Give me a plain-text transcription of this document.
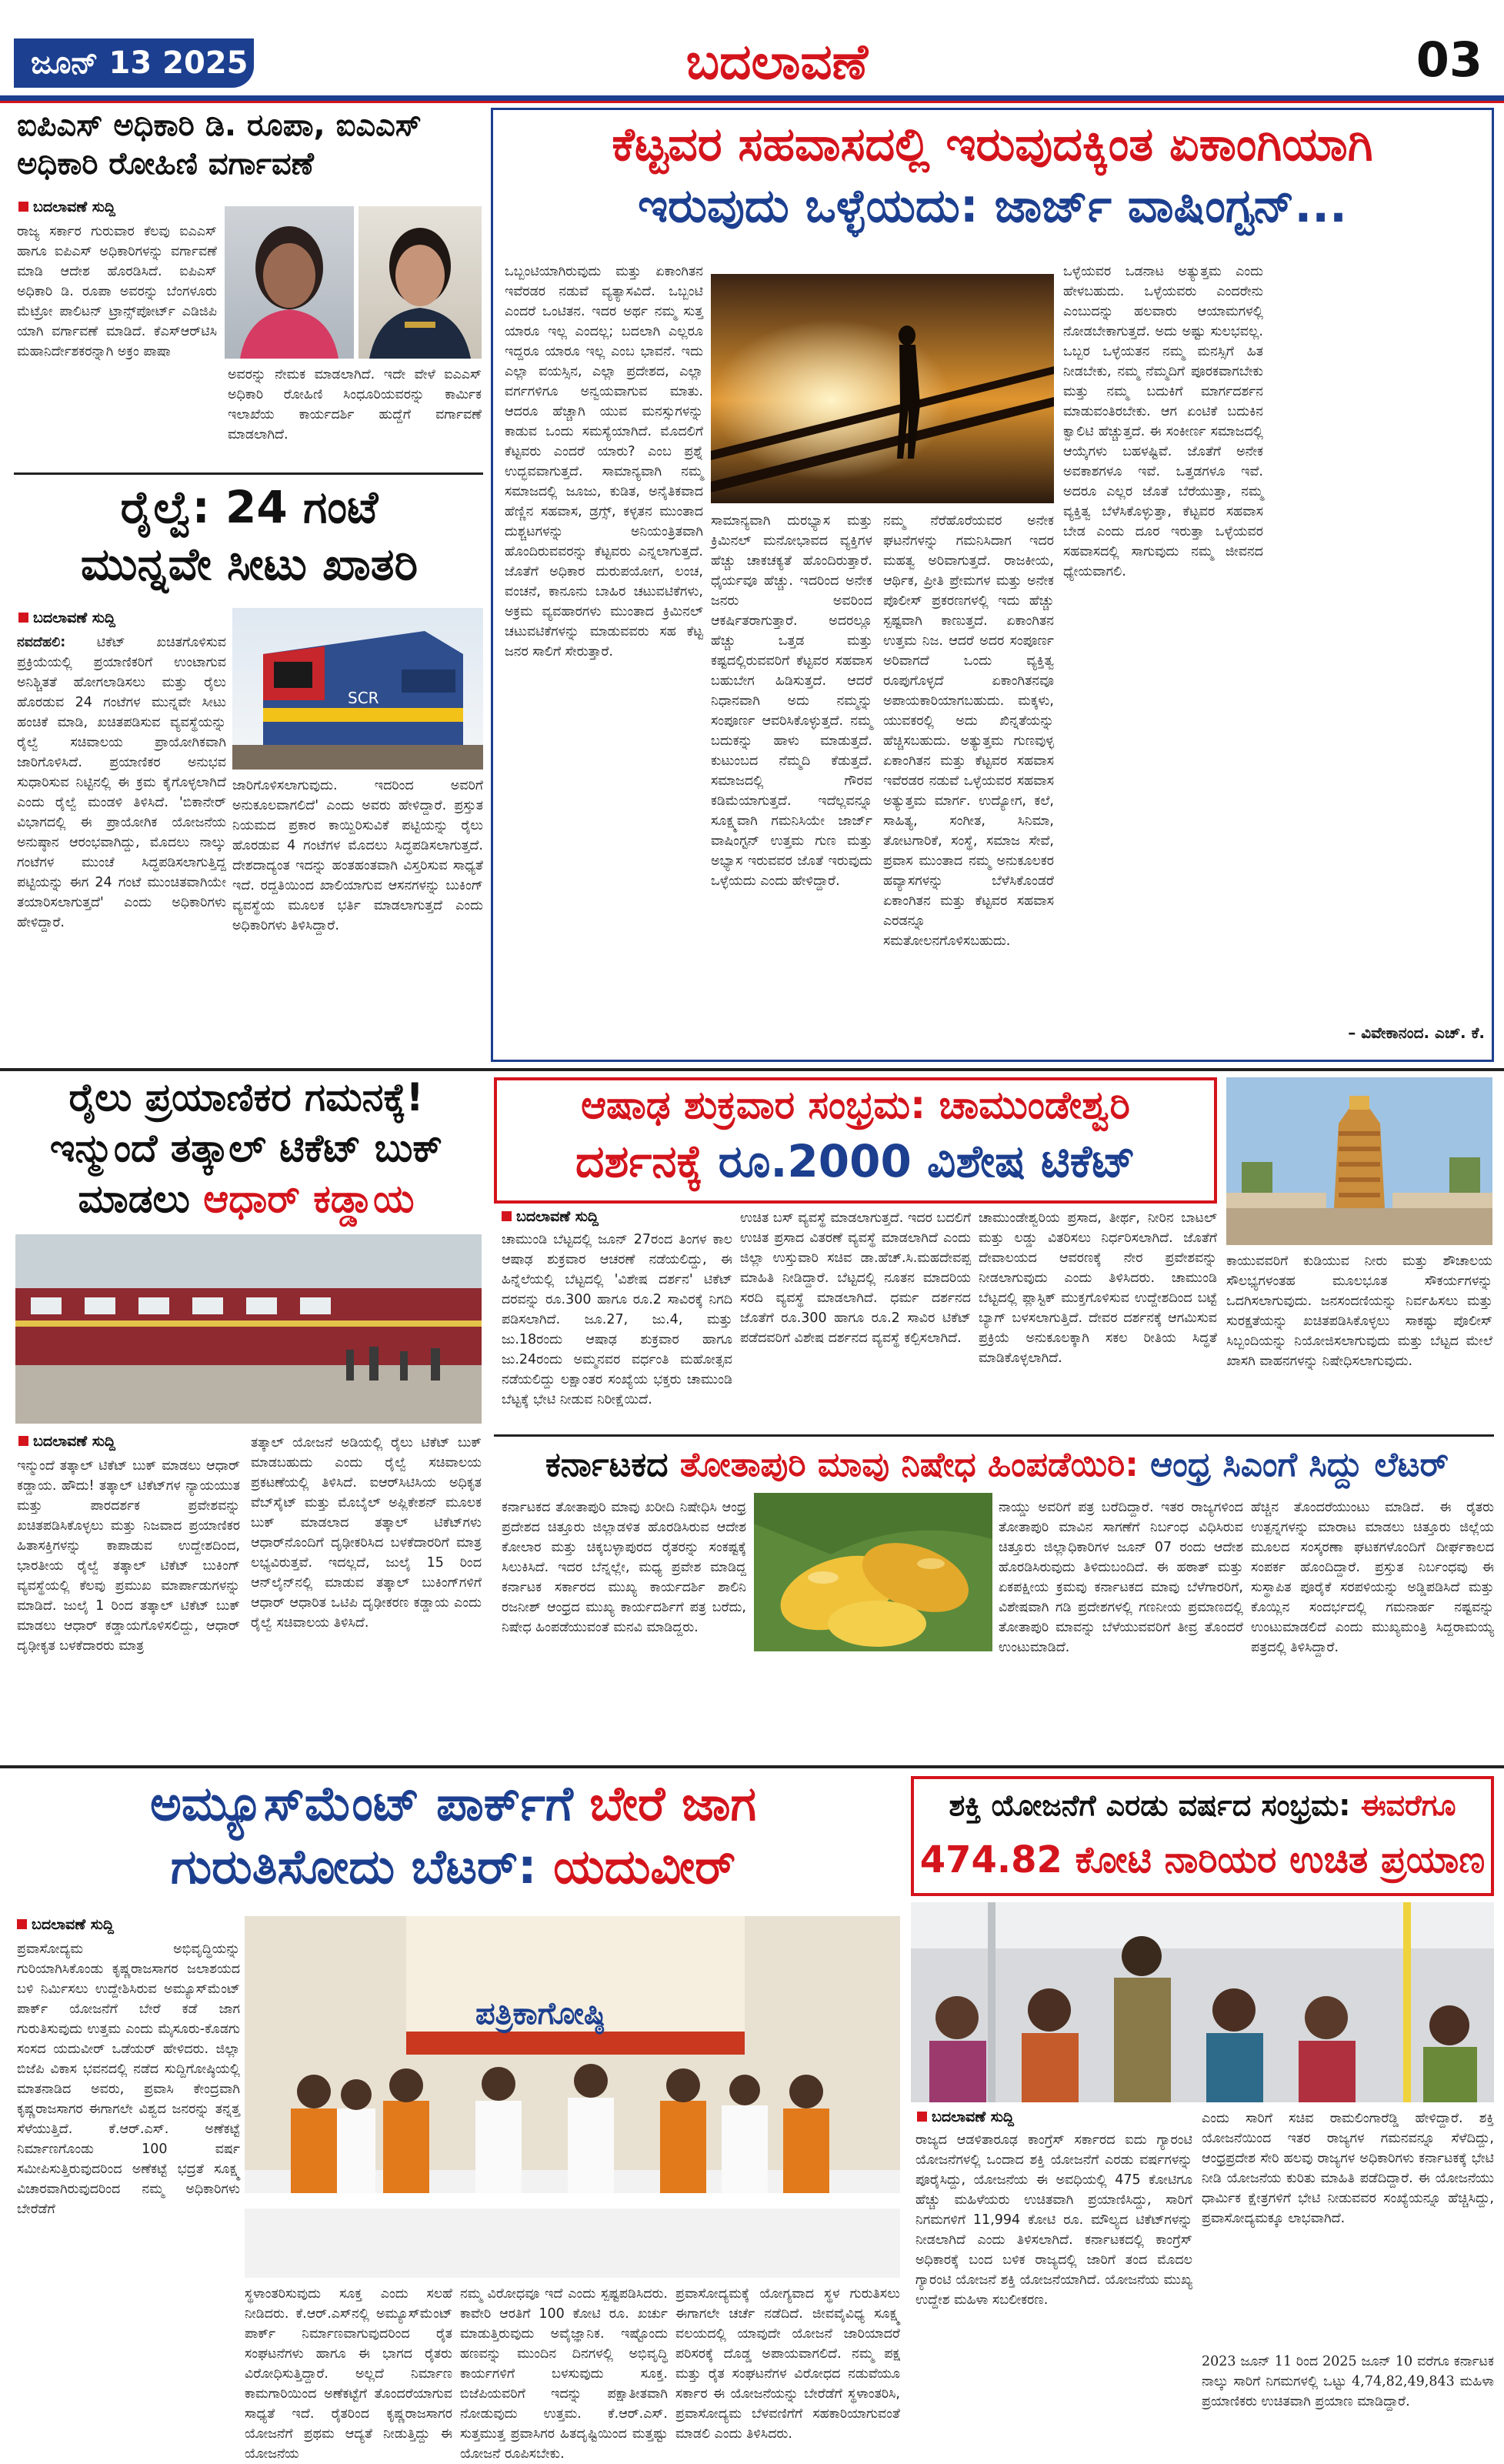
ಜೂನ್ 13 2025	ಬದಲಾವಣೆ	03
ಐಪಿಎಸ್ ಅಧಿಕಾರಿ ಡಿ. ರೂಪಾ, ಐಎಎಸ್
ಅಧಿಕಾರಿ ರೋಹಿಣಿ ವರ್ಗಾವಣೆ
ಬದಲಾವಣೆ ಸುದ್ದಿ
ರಾಜ್ಯ ಸರ್ಕಾರ ಗುರುವಾರ ಕೆಲವು ಐಎಎಸ್ ಹಾಗೂ ಐಪಿಎಸ್ ಅಧಿಕಾರಿಗಳನ್ನು ವರ್ಗಾವಣೆ ಮಾಡಿ ಆದೇಶ ಹೊರಡಿಸಿದೆ. ಐಪಿಎಸ್ ಅಧಿಕಾರಿ ಡಿ. ರೂಪಾ ಅವರನ್ನು ಬೆಂಗಳೂರು ಮೆಟ್ರೋ ಪಾಲಿಟನ್ ಟ್ರಾನ್ಸ್‌ಪೋರ್ಟ್ ಎಡಿಜಿಪಿ ಯಾಗಿ ವರ್ಗಾವಣೆ ಮಾಡಿದೆ. ಕೆಎಸ್‌ಆರ್‌ಟಿಸಿ ಮಹಾನಿರ್ದೇಶಕರನ್ನಾಗಿ ಅಕ್ರಂ ಪಾಷಾ
ಅವರನ್ನು ನೇಮಕ ಮಾಡಲಾಗಿದೆ. ಇದೇ ವೇಳೆ ಐಎಎಸ್ ಅಧಿಕಾರಿ ರೋಹಿಣಿ ಸಿಂಧೂರಿಯವರನ್ನು ಕಾರ್ಮಿಕ ಇಲಾಖೆಯ ಕಾರ್ಯದರ್ಶಿ ಹುದ್ದೆಗೆ ವರ್ಗಾವಣೆ ಮಾಡಲಾಗಿದೆ.
ರೈಲ್ವೆ: 24 ಗಂಟೆ
ಮುನ್ನವೇ ಸೀಟು ಖಾತರಿ
ಬದಲಾವಣೆ ಸುದ್ದಿ
ನವದೆಹಲಿ: ಟಿಕೆಟ್ ಖಚಿತಗೊಳಿಸುವ ಪ್ರಕ್ರಿಯೆಯಲ್ಲಿ ಪ್ರಯಾಣಿಕರಿಗೆ ಉಂಟಾಗುವ ಅನಿಶ್ಚಿತತೆ ಹೋಗಲಾಡಿಸಲು ಮತ್ತು ರೈಲು ಹೊರಡುವ 24 ಗಂಟೆಗಳ ಮುನ್ನವೇ ಸೀಟು ಹಂಚಿಕೆ ಮಾಡಿ, ಖಚಿತಪಡಿಸುವ ವ್ಯವಸ್ಥೆಯನ್ನು ರೈಲ್ವೆ ಸಚಿವಾಲಯ ಪ್ರಾಯೋಗಿಕವಾಗಿ ಜಾರಿಗೊಳಿಸಿದೆ. ಪ್ರಯಾಣಿಕರ ಅನುಭವ ಸುಧಾರಿಸುವ ನಿಟ್ಟಿನಲ್ಲಿ ಈ ಕ್ರಮ ಕೈಗೊಳ್ಳಲಾಗಿದೆ ಎಂದು ರೈಲ್ವೆ ಮಂಡಳಿ ತಿಳಿಸಿದೆ. 'ಬಿಕಾನೇರ್ ವಿಭಾಗದಲ್ಲಿ ಈ ಪ್ರಾಯೋಗಿಕ ಯೋಜನೆಯ ಅನುಷ್ಠಾನ ಆರಂಭವಾಗಿದ್ದು, ಮೊದಲು ನಾಲ್ಕು ಗಂಟೆಗಳ ಮುಂಚೆ ಸಿದ್ಧಪಡಿಸಲಾಗುತ್ತಿದ್ದ ಪಟ್ಟಿಯನ್ನು ಈಗ 24 ಗಂಟೆ ಮುಂಚಿತವಾಗಿಯೇ ತಯಾರಿಸಲಾಗುತ್ತದೆ' ಎಂದು ಅಧಿಕಾರಿಗಳು ಹೇಳಿದ್ದಾರೆ.
SCR
ಜಾರಿಗೊಳಿಸಲಾಗುವುದು. ಇದರಿಂದ ಅವರಿಗೆ ಅನುಕೂಲವಾಗಲಿದೆ' ಎಂದು ಅವರು ಹೇಳಿದ್ದಾರೆ. ಪ್ರಸ್ತುತ ನಿಯಮದ ಪ್ರಕಾರ ಕಾಯ್ದಿರಿಸುವಿಕೆ ಪಟ್ಟಿಯನ್ನು ರೈಲು ಹೊರಡುವ 4 ಗಂಟೆಗಳ ಮೊದಲು ಸಿದ್ಧಪಡಿಸಲಾಗುತ್ತದೆ. ದೇಶದಾದ್ಯಂತ ಇದನ್ನು ಹಂತಹಂತವಾಗಿ ವಿಸ್ತರಿಸುವ ಸಾಧ್ಯತೆ ಇದೆ. ರದ್ದತಿಯಿಂದ ಖಾಲಿಯಾಗುವ ಆಸನಗಳನ್ನು ಬುಕಿಂಗ್ ವ್ಯವಸ್ಥೆಯ ಮೂಲಕ ಭರ್ತಿ ಮಾಡಲಾಗುತ್ತದೆ ಎಂದು ಅಧಿಕಾರಿಗಳು ತಿಳಿಸಿದ್ದಾರೆ.
ಕೆಟ್ಟವರ ಸಹವಾಸದಲ್ಲಿ ಇರುವುದಕ್ಕಿಂತ ಏಕಾಂಗಿಯಾಗಿ
ಇರುವುದು ಒಳ್ಳೆಯದು: ಜಾರ್ಜ್ ವಾಷಿಂಗ್ಟನ್...
ಒಬ್ಬಂಟಿಯಾಗಿರುವುದು ಮತ್ತು ಏಕಾಂಗಿತನ ಇವೆರಡರ ನಡುವೆ ವ್ಯತ್ಯಾಸವಿದೆ. ಒಬ್ಬಂಟಿ ಎಂದರೆ ಒಂಟಿತನ. ಇದರ ಅರ್ಥ ನಮ್ಮ ಸುತ್ತ ಯಾರೂ ಇಲ್ಲ ಎಂದಲ್ಲ; ಬದಲಾಗಿ ಎಲ್ಲರೂ ಇದ್ದರೂ ಯಾರೂ ಇಲ್ಲ ಎಂಬ ಭಾವನೆ. ಇದು ಎಲ್ಲಾ ವಯಸ್ಸಿನ, ಎಲ್ಲಾ ಪ್ರದೇಶದ, ಎಲ್ಲಾ ವರ್ಗಗಳಿಗೂ ಅನ್ವಯವಾಗುವ ಮಾತು. ಆದರೂ ಹೆಚ್ಚಾಗಿ ಯುವ ಮನಸ್ಸುಗಳನ್ನು ಕಾಡುವ ಒಂದು ಸಮಸ್ಯೆಯಾಗಿದೆ. ಮೊದಲಿಗೆ ಕೆಟ್ಟವರು ಎಂದರೆ ಯಾರು? ಎಂಬ ಪ್ರಶ್ನೆ ಉದ್ಭವವಾಗುತ್ತದೆ. ಸಾಮಾನ್ಯವಾಗಿ ನಮ್ಮ ಸಮಾಜದಲ್ಲಿ ಜೂಜು, ಕುಡಿತ, ಅನೈತಿಕವಾದ ಹೆಣ್ಣಿನ ಸಹವಾಸ, ಡ್ರಗ್ಸ್, ಕಳ್ಳತನ ಮುಂತಾದ ದುಶ್ಚಟಗಳನ್ನು ಅನಿಯಂತ್ರಿತವಾಗಿ ಹೊಂದಿರುವವರನ್ನು ಕೆಟ್ಟವರು ಎನ್ನಲಾಗುತ್ತದೆ. ಜೊತೆಗೆ ಅಧಿಕಾರ ದುರುಪಯೋಗ, ಲಂಚ, ವಂಚನೆ, ಕಾನೂನು ಬಾಹಿರ ಚಟುವಟಿಕೆಗಳು, ಅಕ್ರಮ ವ್ಯವಹಾರಗಳು ಮುಂತಾದ ಕ್ರಿಮಿನಲ್ ಚಟುವಟಿಕೆಗಳನ್ನು ಮಾಡುವವರು ಸಹ ಕೆಟ್ಟ ಜನರ ಸಾಲಿಗೆ ಸೇರುತ್ತಾರೆ.
ಸಾಮಾನ್ಯವಾಗಿ ದುರಭ್ಯಾಸ ಮತ್ತು ಕ್ರಿಮಿನಲ್ ಮನೋಭಾವದ ವ್ಯಕ್ತಿಗಳ ಹೆಚ್ಚು ಚಾಕಚಕ್ಯತೆ ಹೊಂದಿರುತ್ತಾರೆ. ಧೈರ್ಯವೂ ಹೆಚ್ಚು. ಇದರಿಂದ ಅನೇಕ ಜನರು ಅವರಿಂದ ಆಕರ್ಷಿತರಾಗುತ್ತಾರೆ. ಅದರಲ್ಲೂ ಹೆಚ್ಚು ಒತ್ತಡ ಮತ್ತು ಕಷ್ಟದಲ್ಲಿರುವವರಿಗೆ ಕೆಟ್ಟವರ ಸಹವಾಸ ಬಹುಬೇಗ ಹಿಡಿಸುತ್ತದೆ. ಆದರೆ ನಿಧಾನವಾಗಿ ಅದು ನಮ್ಮನ್ನು ಸಂಪೂರ್ಣ ಆವರಿಸಿಕೊಳ್ಳುತ್ತದೆ. ನಮ್ಮ ಬದುಕನ್ನು ಹಾಳು ಮಾಡುತ್ತದೆ. ಕುಟುಂಬದ ನೆಮ್ಮದಿ ಕೆಡುತ್ತದೆ. ಸಮಾಜದಲ್ಲಿ ಗೌರವ ಕಡಿಮೆಯಾಗುತ್ತದೆ. ಇದೆಲ್ಲವನ್ನೂ ಸೂಕ್ಷ್ಮವಾಗಿ ಗಮನಿಸಿಯೇ ಜಾರ್ಜ್ ವಾಷಿಂಗ್ಟನ್ ಉತ್ತಮ ಗುಣ ಮತ್ತು ಅಭ್ಯಾಸ ಇರುವವರ ಜೊತೆ ಇರುವುದು ಒಳ್ಳೆಯದು ಎಂದು ಹೇಳಿದ್ದಾರೆ.
ನಮ್ಮ ನೆರೆಹೊರೆಯವರ ಅನೇಕ ಘಟನೆಗಳನ್ನು ಗಮನಿಸಿದಾಗ ಇದರ ಮಹತ್ವ ಅರಿವಾಗುತ್ತದೆ. ರಾಜಕೀಯ, ಆರ್ಥಿಕ, ಪ್ರೀತಿ ಪ್ರೇಮಗಳ ಮತ್ತು ಅನೇಕ ಪೊಲೀಸ್ ಪ್ರಕರಣಗಳಲ್ಲಿ ಇದು ಹೆಚ್ಚು ಸ್ಪಷ್ಟವಾಗಿ ಕಾಣುತ್ತದೆ. ಏಕಾಂಗಿತನ ಉತ್ತಮ ನಿಜ. ಆದರೆ ಅದರ ಸಂಪೂರ್ಣ ಅರಿವಾಗದೆ ಒಂದು ವ್ಯಕ್ತಿತ್ವ ರೂಪುಗೊಳ್ಳದೆ ಏಕಾಂಗಿತನವೂ ಅಪಾಯಕಾರಿಯಾಗಬಹುದು. ಮಕ್ಕಳು, ಯುವಕರಲ್ಲಿ ಅದು ಖಿನ್ನತೆಯನ್ನು ಹೆಚ್ಚಿಸಬಹುದು. ಅತ್ಯುತ್ತಮ ಗುಣವುಳ್ಳ ಏಕಾಂಗಿತನ ಮತ್ತು ಕೆಟ್ಟವರ ಸಹವಾಸ ಇವೆರಡರ ನಡುವೆ ಒಳ್ಳೆಯವರ ಸಹವಾಸ ಅತ್ಯುತ್ತಮ ಮಾರ್ಗ. ಉದ್ಯೋಗ, ಕಲೆ, ಸಾಹಿತ್ಯ, ಸಂಗೀತ, ಸಿನಿಮಾ, ತೋಟಗಾರಿಕೆ, ಸಂಸ್ಥೆ, ಸಮಾಜ ಸೇವೆ, ಪ್ರವಾಸ ಮುಂತಾದ ನಮ್ಮ ಅನುಕೂಲಕರ ಹವ್ಯಾಸಗಳನ್ನು ಬೆಳೆಸಿಕೊಂಡರೆ ಏಕಾಂಗಿತನ ಮತ್ತು ಕೆಟ್ಟವರ ಸಹವಾಸ ಎರಡನ್ನೂ ಸಮತೋಲನಗೊಳಿಸಬಹುದು.
ಒಳ್ಳೆಯವರ ಒಡನಾಟ ಅತ್ಯುತ್ತಮ ಎಂದು ಹೇಳಬಹುದು. ಒಳ್ಳೆಯವರು ಎಂದರೇನು ಎಂಬುದನ್ನು ಹಲವಾರು ಆಯಾಮಗಳಲ್ಲಿ ನೋಡಬೇಕಾಗುತ್ತದೆ. ಅದು ಅಷ್ಟು ಸುಲಭವಲ್ಲ. ಒಬ್ಬರ ಒಳ್ಳೆಯತನ ನಮ್ಮ ಮನಸ್ಸಿಗೆ ಹಿತ ನೀಡಬೇಕು, ನಮ್ಮ ನೆಮ್ಮದಿಗೆ ಪೂರಕವಾಗಬೇಕು ಮತ್ತು ನಮ್ಮ ಬದುಕಿಗೆ ಮಾರ್ಗದರ್ಶನ ಮಾಡುವಂತಿರಬೇಕು. ಆಗ ಏಂಟಿಕೆ ಬದುಕಿನ ಕ್ವಾಲಿಟಿ ಹೆಚ್ಚುತ್ತದೆ. ಈ ಸಂಕೀರ್ಣ ಸಮಾಜದಲ್ಲಿ ಆಯ್ಕೆಗಳು ಬಹಳಷ್ಟಿವೆ. ಜೊತೆಗೆ ಅನೇಕ ಅವಕಾಶಗಳೂ ಇವೆ. ಒತ್ತಡಗಳೂ ಇವೆ. ಅದರೂ ಎಲ್ಲರ ಜೊತೆ ಬೆರೆಯುತ್ತಾ, ನಮ್ಮ ವ್ಯಕ್ತಿತ್ವ ಬೆಳೆಸಿಕೊಳ್ಳುತ್ತಾ, ಕೆಟ್ಟವರ ಸಹವಾಸ ಬೇಡ ಎಂದು ದೂರ ಇರುತ್ತಾ ಒಳ್ಳೆಯವರ ಸಹವಾಸದಲ್ಲಿ ಸಾಗುವುದು ನಮ್ಮ ಜೀವನದ ಧ್ಯೇಯವಾಗಲಿ.
– ವಿವೇಕಾನಂದ. ಎಚ್. ಕೆ.
ರೈಲು ಪ್ರಯಾಣಿಕರ ಗಮನಕ್ಕೆ!
ಇನ್ಮುಂದೆ ತತ್ಕಾಲ್ ಟಿಕೆಟ್ ಬುಕ್
ಮಾಡಲು ಆಧಾರ್ ಕಡ್ಡಾಯ
ಬದಲಾವಣೆ ಸುದ್ದಿ
ಇನ್ಮುಂದೆ ತತ್ಕಾಲ್ ಟಿಕೆಟ್ ಬುಕ್ ಮಾಡಲು ಆಧಾರ್ ಕಡ್ಡಾಯ. ಹೌದು! ತತ್ಕಾಲ್ ಟಿಕೆಟ್‌ಗಳ ನ್ಯಾಯಯುತ ಮತ್ತು ಪಾರದರ್ಶಕ ಪ್ರವೇಶವನ್ನು ಖಚಿತಪಡಿಸಿಕೊಳ್ಳಲು ಮತ್ತು ನಿಜವಾದ ಪ್ರಯಾಣಿಕರ ಹಿತಾಸಕ್ತಿಗಳನ್ನು ಕಾಪಾಡುವ ಉದ್ದೇಶದಿಂದ, ಭಾರತೀಯ ರೈಲ್ವೆ ತತ್ಕಾಲ್ ಟಿಕೆಟ್ ಬುಕಿಂಗ್ ವ್ಯವಸ್ಥೆಯಲ್ಲಿ ಕೆಲವು ಪ್ರಮುಖ ಮಾರ್ಪಾಡುಗಳನ್ನು ಮಾಡಿದೆ. ಜುಲೈ 1 ರಿಂದ ತತ್ಕಾಲ್ ಟಿಕೆಟ್ ಬುಕ್ ಮಾಡಲು ಆಧಾರ್ ಕಡ್ಡಾಯಗೊಳಿಸಲಿದ್ದು, ಆಧಾರ್ ದೃಢೀಕೃತ ಬಳಕೆದಾರರು ಮಾತ್ರ
ತತ್ಕಾಲ್ ಯೋಜನೆ ಅಡಿಯಲ್ಲಿ ರೈಲು ಟಿಕೆಟ್ ಬುಕ್ ಮಾಡಬಹುದು ಎಂದು ರೈಲ್ವೆ ಸಚಿವಾಲಯ ಪ್ರಕಟಣೆಯಲ್ಲಿ ತಿಳಿಸಿದೆ. ಐಆರ್‌ಸಿಟಿಸಿಯ ಅಧಿಕೃತ ವೆಬ್‌ಸೈಟ್ ಮತ್ತು ಮೊಬೈಲ್ ಅಪ್ಲಿಕೇಶನ್ ಮೂಲಕ ಬುಕ್ ಮಾಡಲಾದ ತತ್ಕಾಲ್ ಟಿಕೆಟ್‌ಗಳು ಆಧಾರ್‌ನೊಂದಿಗೆ ದೃಢೀಕರಿಸಿದ ಬಳಕೆದಾರರಿಗೆ ಮಾತ್ರ ಲಭ್ಯವಿರುತ್ತವೆ. ಇದಲ್ಲದೆ, ಜುಲೈ 15 ರಿಂದ ಆನ್‌ಲೈನ್‌ನಲ್ಲಿ ಮಾಡುವ ತತ್ಕಾಲ್ ಬುಕಿಂಗ್‌ಗಳಿಗೆ ಆಧಾರ್ ಆಧಾರಿತ ಒಟಿಪಿ ದೃಢೀಕರಣ ಕಡ್ಡಾಯ ಎಂದು ರೈಲ್ವೆ ಸಚಿವಾಲಯ ತಿಳಿಸಿದೆ.
ಆಷಾಢ ಶುಕ್ರವಾರ ಸಂಭ್ರಮ: ಚಾಮುಂಡೇಶ್ವರಿ
ದರ್ಶನಕ್ಕೆ ರೂ.2000 ವಿಶೇಷ ಟಿಕೆಟ್
ಬದಲಾವಣೆ ಸುದ್ದಿ
ಚಾಮುಂಡಿ ಬೆಟ್ಟದಲ್ಲಿ ಜೂನ್ 27ರಂದ ತಿಂಗಳ ಕಾಲ ಆಷಾಢ ಶುಕ್ರವಾರ ಆಚರಣೆ ನಡೆಯಲಿದ್ದು, ಈ ಹಿನ್ನೆಲೆಯಲ್ಲಿ ಬೆಟ್ಟದಲ್ಲಿ 'ವಿಶೇಷ ದರ್ಶನ' ಟಿಕೆಟ್ ದರವನ್ನು ರೂ.300 ಹಾಗೂ ರೂ.2 ಸಾವಿರಕ್ಕೆ ನಿಗದಿ ಪಡಿಸಲಾಗಿದೆ. ಜೂ.27, ಜು.4, ಮತ್ತು ಜು.18ರಂದು ಆಷಾಢ ಶುಕ್ರವಾರ ಹಾಗೂ ಜು.24ರಂದು ಅಮ್ಮನವರ ವರ್ಧಂತಿ ಮಹೋತ್ಸವ ನಡೆಯಲಿದ್ದು ಲಕ್ಷಾಂತರ ಸಂಖ್ಯೆಯ ಭಕ್ತರು ಚಾಮುಂಡಿ ಬೆಟ್ಟಕ್ಕೆ ಭೇಟಿ ನೀಡುವ ನಿರೀಕ್ಷೆಯಿದೆ.
ಉಚಿತ ಬಸ್ ವ್ಯವಸ್ಥೆ ಮಾಡಲಾಗುತ್ತದೆ. ಇದರ ಬದಲಿಗೆ ಉಚಿತ ಪ್ರಸಾದ ವಿತರಣೆ ವ್ಯವಸ್ಥೆ ಮಾಡಲಾಗಿದೆ ಎಂದು ಜಿಲ್ಲಾ ಉಸ್ತುವಾರಿ ಸಚಿವ ಡಾ.ಹೆಚ್.ಸಿ.ಮಹದೇವಪ್ಪ ಮಾಹಿತಿ ನೀಡಿದ್ದಾರೆ. ಬೆಟ್ಟದಲ್ಲಿ ನೂತನ ಮಾದರಿಯ ಸರದಿ ವ್ಯವಸ್ಥೆ ಮಾಡಲಾಗಿದೆ. ಧರ್ಮ ದರ್ಶನದ ಜೊತೆಗೆ ರೂ.300 ಹಾಗೂ ರೂ.2 ಸಾವಿರ ಟಿಕೆಟ್ ಪಡೆದವರಿಗೆ ವಿಶೇಷ ದರ್ಶನದ ವ್ಯವಸ್ಥೆ ಕಲ್ಪಿಸಲಾಗಿದೆ.
ಚಾಮುಂಡೇಶ್ವರಿಯ ಪ್ರಸಾದ, ತೀರ್ಥ, ನೀರಿನ ಬಾಟಲ್ ಮತ್ತು ಲಡ್ಡು ವಿತರಿಸಲು ನಿರ್ಧರಿಸಲಾಗಿದೆ. ಜೊತೆಗೆ ದೇವಾಲಯದ ಆವರಣಕ್ಕೆ ನೇರ ಪ್ರವೇಶವನ್ನು ನೀಡಲಾಗುವುದು ಎಂದು ತಿಳಿಸಿದರು. ಚಾಮುಂಡಿ ಬೆಟ್ಟದಲ್ಲಿ ಪ್ಲಾಸ್ಟಿಕ್ ಮುಕ್ತಗೊಳಿಸುವ ಉದ್ದೇಶದಿಂದ ಬಟ್ಟೆ ಬ್ಯಾಗ್ ಬಳಸಲಾಗುತ್ತಿದೆ. ದೇವರ ದರ್ಶನಕ್ಕೆ ಆಗಮಿಸುವ ಪ್ರಕ್ರಿಯೆ ಅನುಕೂಲಕ್ಕಾಗಿ ಸಕಲ ರೀತಿಯ ಸಿದ್ಧತೆ ಮಾಡಿಕೊಳ್ಳಲಾಗಿದೆ.
ಕಾಯುವವರಿಗೆ ಕುಡಿಯುವ ನೀರು ಮತ್ತು ಶೌಚಾಲಯ ಸೌಲಭ್ಯಗಳಂತಹ ಮೂಲಭೂತ ಸೌಕರ್ಯಗಳನ್ನು ಒದಗಿಸಲಾಗುವುದು. ಜನಸಂದಣಿಯನ್ನು ನಿರ್ವಹಿಸಲು ಮತ್ತು ಸುರಕ್ಷತೆಯನ್ನು ಖಚಿತಪಡಿಸಿಕೊಳ್ಳಲು ಸಾಕಷ್ಟು ಪೊಲೀಸ್ ಸಿಬ್ಬಂದಿಯನ್ನು ನಿಯೋಜಿಸಲಾಗುವುದು ಮತ್ತು ಬೆಟ್ಟದ ಮೇಲೆ ಖಾಸಗಿ ವಾಹನಗಳನ್ನು ನಿಷೇಧಿಸಲಾಗುವುದು.
ಕರ್ನಾಟಕದ ತೋತಾಪುರಿ ಮಾವು ನಿಷೇಧ ಹಿಂಪಡೆಯಿರಿ: ಆಂಧ್ರ ಸಿಎಂಗೆ ಸಿದ್ದು ಲೆಟರ್
ಕರ್ನಾಟಕದ ತೋತಾಪುರಿ ಮಾವು ಖರೀದಿ ನಿಷೇಧಿಸಿ ಆಂಧ್ರ ಪ್ರದೇಶದ ಚಿತ್ತೂರು ಜಿಲ್ಲಾಡಳಿತ ಹೊರಡಿಸಿರುವ ಆದೇಶ ಕೋಲಾರ ಮತ್ತು ಚಿಕ್ಕಬಳ್ಳಾಪುರದ ರೈತರನ್ನು ಸಂಕಷ್ಟಕ್ಕೆ ಸಿಲುಕಿಸಿದೆ. ಇದರ ಬೆನ್ನಲ್ಲೇ, ಮಧ್ಯ ಪ್ರವೇಶ ಮಾಡಿದ್ದ ಕರ್ನಾಟಕ ಸರ್ಕಾರದ ಮುಖ್ಯ ಕಾರ್ಯದರ್ಶಿ ಶಾಲಿನಿ ರಜನೀಶ್ ಆಂಧ್ರದ ಮುಖ್ಯ ಕಾರ್ಯದರ್ಶಿಗೆ ಪತ್ರ ಬರೆದು, ನಿಷೇಧ ಹಿಂಪಡೆಯುವಂತೆ ಮನವಿ ಮಾಡಿದ್ದರು.
ನಾಯ್ಡು ಅವರಿಗೆ ಪತ್ರ ಬರೆದಿದ್ದಾರೆ. ಇತರ ರಾಜ್ಯಗಳಿಂದ ತೋತಾಪುರಿ ಮಾವಿನ ಸಾಗಣೆಗೆ ನಿರ್ಬಂಧ ವಿಧಿಸಿರುವ ಚಿತ್ತೂರು ಜಿಲ್ಲಾಧಿಕಾರಿಗಳ ಜೂನ್ 07 ರಂದು ಆದೇಶ ಹೊರಡಿಸಿರುವುದು ತಿಳಿದುಬಂದಿದೆ. ಈ ಹಠಾತ್ ಮತ್ತು ಏಕಪಕ್ಷೀಯ ಕ್ರಮವು ಕರ್ನಾಟಕದ ಮಾವು ಬೆಳೆಗಾರರಿಗೆ, ವಿಶೇಷವಾಗಿ ಗಡಿ ಪ್ರದೇಶಗಳಲ್ಲಿ ಗಣನೀಯ ಪ್ರಮಾಣದಲ್ಲಿ ತೋತಾಪುರಿ ಮಾವನ್ನು ಬೆಳೆಯುವವರಿಗೆ ತೀವ್ರ ತೊಂದರೆ ಉಂಟುಮಾಡಿದೆ.
ಹೆಚ್ಚಿನ ತೊಂದರೆಯುಂಟು ಮಾಡಿದೆ. ಈ ರೈತರು ಉತ್ಪನ್ನಗಳನ್ನು ಮಾರಾಟ ಮಾಡಲು ಚಿತ್ತೂರು ಜಿಲ್ಲೆಯ ಮೂಲದ ಸಂಸ್ಕರಣಾ ಘಟಕಗಳೊಂದಿಗೆ ದೀರ್ಘಕಾಲದ ಸಂಪರ್ಕ ಹೊಂದಿದ್ದಾರೆ. ಪ್ರಸ್ತುತ ನಿರ್ಬಂಧವು ಈ ಸುಸ್ಥಾಪಿತ ಪೂರೈಕೆ ಸರಪಳಿಯನ್ನು ಅಡ್ಡಿಪಡಿಸಿದೆ ಮತ್ತು ಕೊಯ್ಲಿನ ಸಂದರ್ಭದಲ್ಲಿ ಗಮನಾರ್ಹ ನಷ್ಟವನ್ನು ಉಂಟುಮಾಡಲಿದೆ ಎಂದು ಮುಖ್ಯಮಂತ್ರಿ ಸಿದ್ದರಾಮಯ್ಯ ಪತ್ರದಲ್ಲಿ ತಿಳಿಸಿದ್ದಾರೆ.
ಅಮ್ಯೂಸ್‌ಮೆಂಟ್ ಪಾರ್ಕ್‌ಗೆ ಬೇರೆ ಜಾಗ
ಗುರುತಿಸೋದು ಬೆಟರ್: ಯದುವೀರ್
ಬದಲಾವಣೆ ಸುದ್ದಿ
ಪ್ರವಾಸೋದ್ಯಮ ಅಭಿವೃದ್ಧಿಯನ್ನು ಗುರಿಯಾಗಿಸಿಕೊಂಡು ಕೃಷ್ಣರಾಜಸಾಗರ ಜಲಾಶಯದ ಬಳಿ ನಿರ್ಮಿಸಲು ಉದ್ದೇಶಿಸಿರುವ ಅಮ್ಯೂಸ್‌ಮೆಂಟ್ ಪಾರ್ಕ್ ಯೋಜನೆಗೆ ಬೇರೆ ಕಡೆ ಜಾಗ ಗುರುತಿಸುವುದು ಉತ್ತಮ ಎಂದು ಮೈಸೂರು-ಕೊಡಗು ಸಂಸದ ಯದುವೀರ್ ಒಡೆಯರ್ ಹೇಳಿದರು. ಜಿಲ್ಲಾ ಬಿಜೆಪಿ ವಿಕಾಸ ಭವನದಲ್ಲಿ ನಡೆದ ಸುದ್ದಿಗೋಷ್ಠಿಯಲ್ಲಿ ಮಾತನಾಡಿದ ಅವರು, ಪ್ರವಾಸಿ ಕೇಂದ್ರವಾಗಿ ಕೃಷ್ಣರಾಜಸಾಗರ ಈಗಾಗಲೇ ವಿಶ್ವದ ಜನರನ್ನು ತನ್ನತ್ತ ಸೆಳೆಯುತ್ತಿದೆ. ಕೆ.ಆರ್.ಎಸ್. ಅಣೆಕಟ್ಟೆ ನಿರ್ಮಾಣಗೊಂಡು 100 ವರ್ಷ ಸಮೀಪಿಸುತ್ತಿರುವುದರಿಂದ ಅಣೆಕಟ್ಟೆ ಭದ್ರತೆ ಸೂಕ್ಷ್ಮ ವಿಚಾರವಾಗಿರುವುದರಿಂದ ನಮ್ಮ ಅಧಿಕಾರಿಗಳು ಬೇರೆಡೆಗೆ
ಪತ್ರಿಕಾಗೋಷ್ಠಿ
ಸ್ಥಳಾಂತರಿಸುವುದು ಸೂಕ್ತ ಎಂದು ಸಲಹೆ ನೀಡಿದರು. ಕೆ.ಆರ್.ಎಸ್‌ನಲ್ಲಿ ಅಮ್ಯೂಸ್‌ಮೆಂಟ್ ಪಾರ್ಕ್ ನಿರ್ಮಾಣವಾಗುವುದರಿಂದ ರೈತ ಸಂಘಟನೆಗಳು ಹಾಗೂ ಈ ಭಾಗದ ರೈತರು ವಿರೋಧಿಸುತ್ತಿದ್ದಾರೆ. ಅಲ್ಲದೆ ನಿರ್ಮಾಣ ಕಾಮಗಾರಿಯಿಂದ ಅಣೆಕಟ್ಟೆಗೆ ತೊಂದರೆಯಾಗುವ ಸಾಧ್ಯತೆ ಇದೆ. ರೈತರಿಂದ ಕೃಷ್ಣರಾಜಸಾಗರ ಯೋಜನೆಗೆ ಪ್ರಥಮ ಆದ್ಯತೆ ನೀಡುತ್ತಿದ್ದು ಈ ಯೋಜನೆಯ
ನಮ್ಮ ವಿರೋಧವೂ ಇದೆ ಎಂದು ಸ್ಪಷ್ಟಪಡಿಸಿದರು. ಕಾವೇರಿ ಆರತಿಗೆ 100 ಕೋಟಿ ರೂ. ಖರ್ಚು ಮಾಡುತ್ತಿರುವುದು ಅವೈಜ್ಞಾನಿಕ. ಇಷ್ಟೊಂದು ಹಣವನ್ನು ಮುಂದಿನ ದಿನಗಳಲ್ಲಿ ಅಭಿವೃದ್ಧಿ ಕಾರ್ಯಗಳಿಗೆ ಬಳಸುವುದು ಸೂಕ್ತ. ಬಿಜೆಪಿಯವರಿಗೆ ಇದನ್ನು ಪಕ್ಷಾತೀತವಾಗಿ ನೋಡುವುದು ಉತ್ತಮ. ಕೆ.ಆರ್.ಎಸ್. ಸುತ್ತಮುತ್ತ ಪ್ರವಾಸಿಗರ ಹಿತದೃಷ್ಟಿಯಿಂದ ಮತ್ತಷ್ಟು ಯೋಜನೆ ರೂಪಿಸಬೇಕು.
ಪ್ರವಾಸೋದ್ಯಮಕ್ಕೆ ಯೋಗ್ಯವಾದ ಸ್ಥಳ ಗುರುತಿಸಲು ಈಗಾಗಲೇ ಚರ್ಚೆ ನಡೆದಿದೆ. ಜೀವವೈವಿಧ್ಯ ಸೂಕ್ಷ್ಮ ವಲಯದಲ್ಲಿ ಯಾವುದೇ ಯೋಜನೆ ಜಾರಿಯಾದರೆ ಪರಿಸರಕ್ಕೆ ದೊಡ್ಡ ಅಪಾಯವಾಗಲಿದೆ. ನಮ್ಮ ಪಕ್ಷ ಮತ್ತು ರೈತ ಸಂಘಟನೆಗಳ ವಿರೋಧದ ನಡುವೆಯೂ ಸರ್ಕಾರ ಈ ಯೋಜನೆಯನ್ನು ಬೇರೆಡೆಗೆ ಸ್ಥಳಾಂತರಿಸಿ, ಪ್ರವಾಸೋದ್ಯಮ ಬೆಳವಣಿಗೆಗೆ ಸಹಕಾರಿಯಾಗುವಂತೆ ಮಾಡಲಿ ಎಂದು ತಿಳಿಸಿದರು.
ಶಕ್ತಿ ಯೋಜನೆಗೆ ಎರಡು ವರ್ಷದ ಸಂಭ್ರಮ: ಈವರೆಗೂ
474.82 ಕೋಟಿ ನಾರಿಯರ ಉಚಿತ ಪ್ರಯಾಣ
ಬದಲಾವಣೆ ಸುದ್ದಿ
ರಾಜ್ಯದ ಆಡಳಿತಾರೂಢ ಕಾಂಗ್ರೆಸ್ ಸರ್ಕಾರದ ಐದು ಗ್ಯಾರಂಟಿ ಯೋಜನೆಗಳಲ್ಲಿ ಒಂದಾದ ಶಕ್ತಿ ಯೋಜನೆಗೆ ಎರಡು ವರ್ಷಗಳನ್ನು ಪೂರೈಸಿದ್ದು, ಯೋಜನೆಯ ಈ ಅವಧಿಯಲ್ಲಿ 475 ಕೋಟಿಗೂ ಹೆಚ್ಚು ಮಹಿಳೆಯರು ಉಚಿತವಾಗಿ ಪ್ರಯಾಣಿಸಿದ್ದು, ಸಾರಿಗೆ ನಿಗಮಗಳಿಗೆ 11,994 ಕೋಟಿ ರೂ. ಮೌಲ್ಯದ ಟಿಕೆಟ್‌ಗಳನ್ನು ನೀಡಲಾಗಿದೆ ಎಂದು ತಿಳಿಸಲಾಗಿದೆ. ಕರ್ನಾಟಕದಲ್ಲಿ ಕಾಂಗ್ರೆಸ್ ಅಧಿಕಾರಕ್ಕೆ ಬಂದ ಬಳಿಕ ರಾಜ್ಯದಲ್ಲಿ ಜಾರಿಗೆ ತಂದ ಮೊದಲ ಗ್ಯಾರಂಟಿ ಯೋಜನೆ ಶಕ್ತಿ ಯೋಜನೆಯಾಗಿದೆ. ಯೋಜನೆಯ ಮುಖ್ಯ ಉದ್ದೇಶ ಮಹಿಳಾ ಸಬಲೀಕರಣ.
ಎಂದು ಸಾರಿಗೆ ಸಚಿವ ರಾಮಲಿಂಗಾರೆಡ್ಡಿ ಹೇಳಿದ್ದಾರೆ. ಶಕ್ತಿ ಯೋಜನೆಯಿಂದ ಇತರ ರಾಜ್ಯಗಳ ಗಮನವನ್ನೂ ಸೆಳೆದಿದ್ದು, ಆಂಧ್ರಪ್ರದೇಶ ಸೇರಿ ಹಲವು ರಾಜ್ಯಗಳ ಅಧಿಕಾರಿಗಳು ಕರ್ನಾಟಕಕ್ಕೆ ಭೇಟಿ ನೀಡಿ ಯೋಜನೆಯ ಕುರಿತು ಮಾಹಿತಿ ಪಡೆದಿದ್ದಾರೆ. ಈ ಯೋಜನೆಯು ಧಾರ್ಮಿಕ ಕ್ಷೇತ್ರಗಳಿಗೆ ಭೇಟಿ ನೀಡುವವರ ಸಂಖ್ಯೆಯನ್ನೂ ಹೆಚ್ಚಿಸಿದ್ದು, ಪ್ರವಾಸೋದ್ಯಮಕ್ಕೂ ಲಾಭವಾಗಿದೆ.
2023 ಜೂನ್ 11 ರಿಂದ 2025 ಜೂನ್ 10 ವರೆಗೂ ಕರ್ನಾಟಕ ನಾಲ್ಕು ಸಾರಿಗೆ ನಿಗಮಗಳಲ್ಲಿ ಒಟ್ಟು 4,74,82,49,843 ಮಹಿಳಾ ಪ್ರಯಾಣಿಕರು ಉಚಿತವಾಗಿ ಪ್ರಯಾಣ ಮಾಡಿದ್ದಾರೆ.
